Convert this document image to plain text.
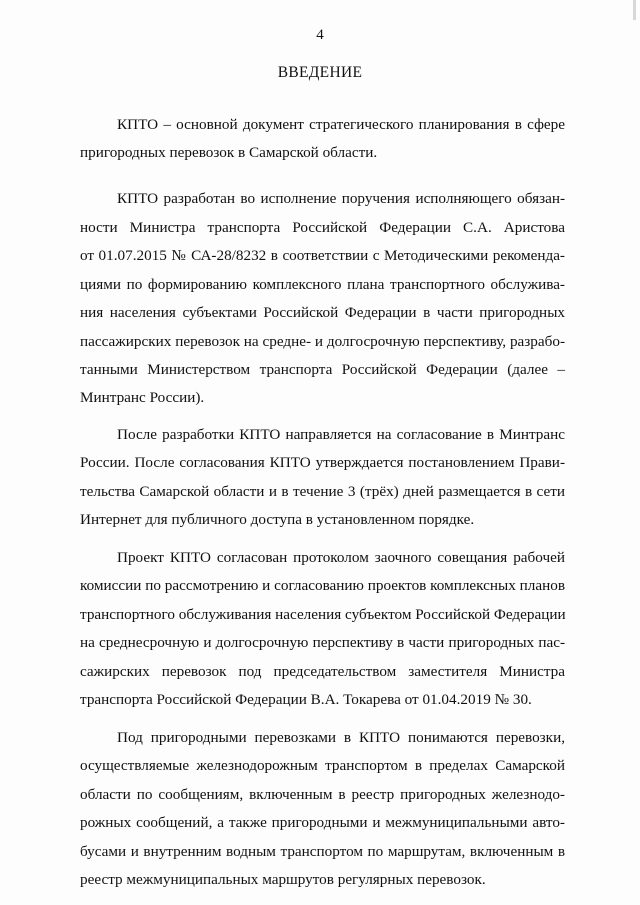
4
ВВЕДЕНИЕ
КПТО – основной документ стратегического планирования в сфере
пригородных перевозок в Самарской области.
КПТО разработан во исполнение поручения исполняющего обязан-
ности Министра транспорта Российской Федерации С.А. Аристова
от 01.07.2015 № СА-28/8232 в соответствии с Методическими рекоменда-
циями по формированию комплексного плана транспортного обслужива-
ния населения субъектами Российской Федерации в части пригородных
пассажирских перевозок на средне- и долгосрочную перспективу, разрабо-
танными Министерством транспорта Российской Федерации (далее –
Минтранс России).
После разработки КПТО направляется на согласование в Минтранс
России. После согласования КПТО утверждается постановлением Прави-
тельства Самарской области и в течение 3 (трёх) дней размещается в сети
Интернет для публичного доступа в установленном порядке.
Проект КПТО согласован протоколом заочного совещания рабочей
комиссии по рассмотрению и согласованию проектов комплексных планов
транспортного обслуживания населения субъектом Российской Федерации
на среднесрочную и долгосрочную перспективу в части пригородных пас-
сажирских перевозок под председательством заместителя Министра
транспорта Российской Федерации В.А. Токарева от 01.04.2019 № 30.
Под пригородными перевозками в КПТО понимаются перевозки,
осуществляемые железнодорожным транспортом в пределах Самарской
области по сообщениям, включенным в реестр пригородных железнодо-
рожных сообщений, а также пригородными и межмуниципальными авто-
бусами и внутренним водным транспортом по маршрутам, включенным в
реестр межмуниципальных маршрутов регулярных перевозок.
